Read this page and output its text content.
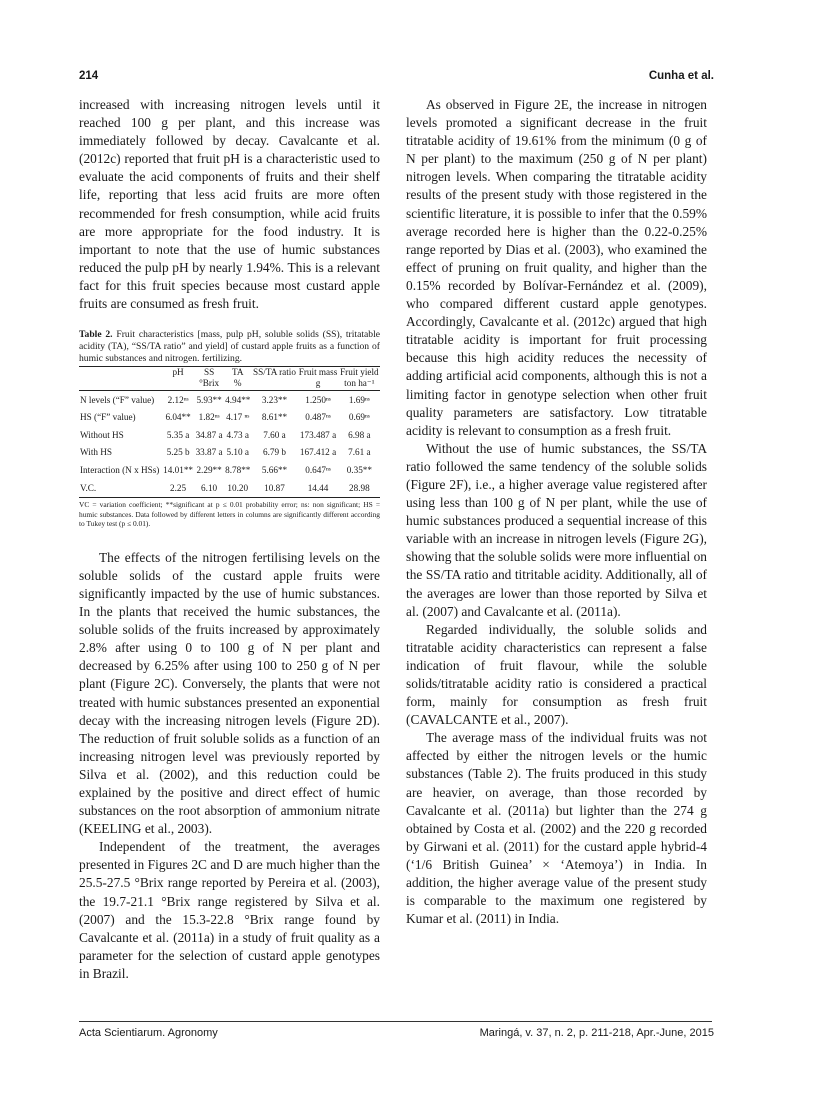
214	Cunha et al.

increased with increasing nitrogen levels until it reached 100 g per plant, and this increase was immediately followed by decay. Cavalcante et al. (2012c) reported that fruit pH is a characteristic used to evaluate the acid components of fruits and their shelf life, reporting that less acid fruits are more often recommended for fresh consumption, while acid fruits are more appropriate for the food industry. It is important to note that the use of humic substances reduced the pulp pH by nearly 1.94%. This is a relevant fact for this fruit species because most custard apple fruits are consumed as fresh fruit.

Table 2. Fruit characteristics [mass, pulp pH, soluble solids (SS), tritatable acidity (TA), “SS/TA ratio” and yield] of custard apple fruits as a function of humic substances and nitrogen. fertilizing.
	pH	SS	TA	SS/TA ratio	Fruit mass	Fruit yield
		°Brix	%		g	ton ha⁻¹
N levels (“F” value)	2.12ⁿˢ	5.93**	4.94**	3.23**	1.250ⁿˢ	1.69ⁿˢ
HS (“F” value)	6.04**	1.82ⁿˢ	4.17 ⁿˢ	8.61**	0.487ⁿˢ	0.69ⁿˢ
Without HS	5.35 a	34.87 a	4.73 a	7.60 a	173.487 a	6.98 a
With HS	5.25 b	33.87 a	5.10 a	6.79 b	167.412 a	7.61 a
Interaction (N x HSs)	14.01**	2.29**	8.78**	5.66**	0.647ⁿˢ	0.35**
V.C.	2.25	6.10	10.20	10.87	14.44	28.98
VC = variation coefficient; **significant at p ≤ 0.01 probability error; ns: non significant; HS = humic substances. Data followed by different letters in columns are significantly different according to Tukey test (p ≤ 0.01).

The effects of the nitrogen fertilising levels on the soluble solids of the custard apple fruits were significantly impacted by the use of humic substances. In the plants that received the humic substances, the soluble solids of the fruits increased by approximately 2.8% after using 0 to 100 g of N per plant and decreased by 6.25% after using 100 to 250 g of N per plant (Figure 2C). Conversely, the plants that were not treated with humic substances presented an exponential decay with the increasing nitrogen levels (Figure 2D). The reduction of fruit soluble solids as a function of an increasing nitrogen level was previously reported by Silva et al. (2002), and this reduction could be explained by the positive and direct effect of humic substances on the root absorption of ammonium nitrate (KEELING et al., 2003).

Independent of the treatment, the averages presented in Figures 2C and D are much higher than the 25.5-27.5 °Brix range reported by Pereira et al. (2003), the 19.7-21.1 °Brix range registered by Silva et al. (2007) and the 15.3-22.8 °Brix range found by Cavalcante et al. (2011a) in a study of fruit quality as a parameter for the selection of custard apple genotypes in Brazil.

As observed in Figure 2E, the increase in nitrogen levels promoted a significant decrease in the fruit titratable acidity of 19.61% from the minimum (0 g of N per plant) to the maximum (250 g of N per plant) nitrogen levels. When comparing the titratable acidity results of the present study with those registered in the scientific literature, it is possible to infer that the 0.59% average recorded here is higher than the 0.22-0.25% range reported by Dias et al. (2003), who examined the effect of pruning on fruit quality, and higher than the 0.15% recorded by Bolívar-Fernández et al. (2009), who compared different custard apple genotypes. Accordingly, Cavalcante et al. (2012c) argued that high titratable acidity is important for fruit processing because this high acidity reduces the necessity of adding artificial acid components, although this is not a limiting factor in genotype selection when other fruit quality parameters are satisfactory. Low titratable acidity is relevant to consumption as a fresh fruit.

Without the use of humic substances, the SS/TA ratio followed the same tendency of the soluble solids (Figure 2F), i.e., a higher average value registered after using less than 100 g of N per plant, while the use of humic substances produced a sequential increase of this variable with an increase in nitrogen levels (Figure 2G), showing that the soluble solids were more influential on the SS/TA ratio and titritable acidity. Additionally, all of the averages are lower than those reported by Silva et al. (2007) and Cavalcante et al. (2011a).

Regarded individually, the soluble solids and titratable acidity characteristics can represent a false indication of fruit flavour, while the soluble solids/titratable acidity ratio is considered a practical form, mainly for consumption as fresh fruit (CAVALCANTE et al., 2007).

The average mass of the individual fruits was not affected by either the nitrogen levels or the humic substances (Table 2). The fruits produced in this study are heavier, on average, than those recorded by Cavalcante et al. (2011a) but lighter than the 274 g obtained by Costa et al. (2002) and the 220 g recorded by Girwani et al. (2011) for the custard apple hybrid-4 (‘1/6 British Guinea’ × ‘Atemoya’) in India. In addition, the higher average value of the present study is comparable to the maximum one registered by Kumar et al. (2011) in India.

Acta Scientiarum. Agronomy	Maringá, v. 37, n. 2, p. 211-218, Apr.-June, 2015
